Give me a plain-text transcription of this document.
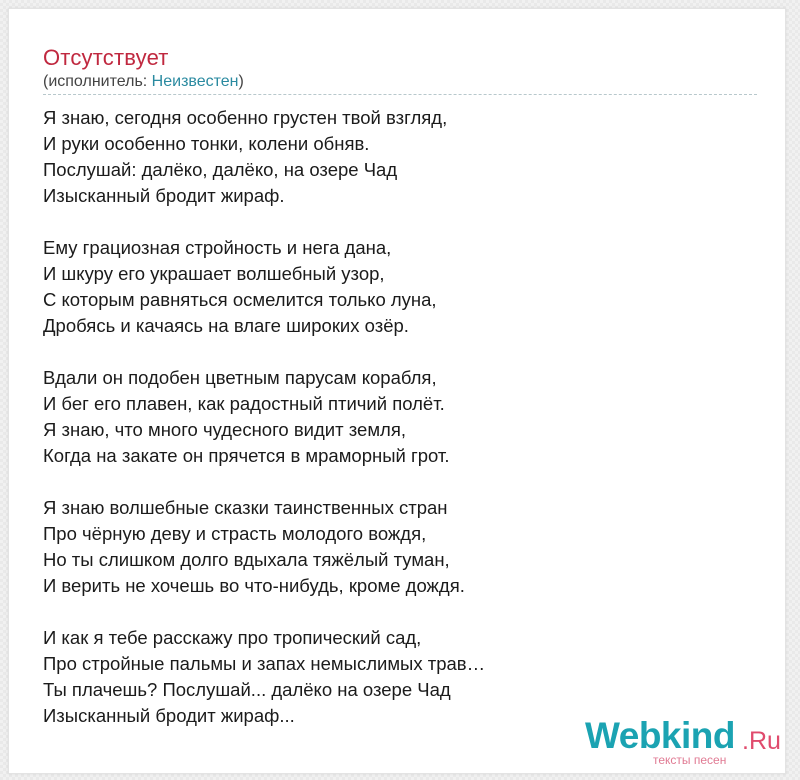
Отсутствует
(исполнитель: Неизвестен)
Я знаю, сегодня особенно грустен твой взгляд,
И руки особенно тонки, колени обняв.
Послушай: далёко, далёко, на озере Чад
Изысканный бродит жираф.
Ему грациозная стройность и нега дана,
И шкуру его украшает волшебный узор,
С которым равняться осмелится только луна,
Дробясь и качаясь на влаге широких озёр.
Вдали он подобен цветным парусам корабля,
И бег его плавен, как радостный птичий полёт.
Я знаю, что много чудесного видит земля,
Когда на закате он прячется в мраморный грот.
Я знаю волшебные сказки таинственных стран
Про чёрную деву и страсть молодого вождя,
Но ты слишком долго вдыхала тяжёлый туман,
И верить не хочешь во что-нибудь, кроме дождя.
И как я тебе расскажу про тропический сад,
Про стройные пальмы и запах немыслимых трав…
Ты плачешь? Послушай... далёко на озере Чад
Изысканный бродит жираф...	Webkind .Ru
тексты песен
